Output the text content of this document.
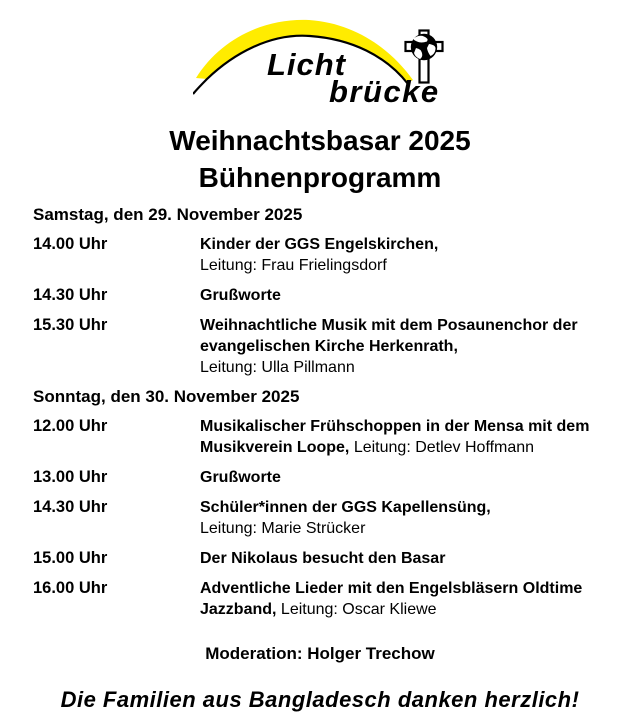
Licht
brücke
Weihnachtsbasar 2025
Bühnenprogramm
Samstag, den 29. November 2025
14.00 Uhr	Kinder der GGS Engelskirchen,
Leitung: Frau Frielingsdorf
14.30 Uhr	Grußworte
15.30 Uhr	Weihnachtliche Musik mit dem Posaunenchor der
evangelischen Kirche Herkenrath,
Leitung: Ulla Pillmann
Sonntag, den 30. November 2025
12.00 Uhr	Musikalischer Frühschoppen in der Mensa mit dem
Musikverein Loope, Leitung: Detlev Hoffmann
13.00 Uhr	Grußworte
14.30 Uhr	Schüler*innen der GGS Kapellensüng,
Leitung: Marie Strücker
15.00 Uhr	Der Nikolaus besucht den Basar
16.00 Uhr	Adventliche Lieder mit den Engelsbläsern Oldtime
Jazzband, Leitung: Oscar Kliewe
Moderation: Holger Trechow
Die Familien aus Bangladesch danken herzlich!
